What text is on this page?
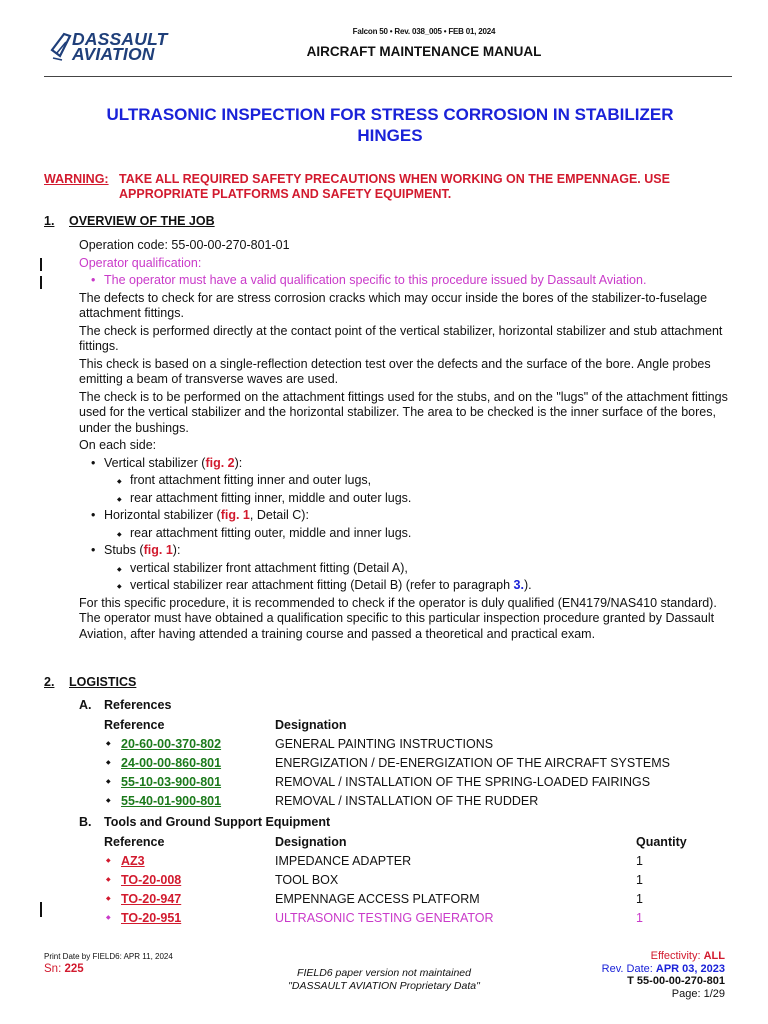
DASSAULT
AVIATION
Falcon 50 • Rev. 038_005 • FEB 01, 2024
AIRCRAFT MAINTENANCE MANUAL
ULTRASONIC INSPECTION FOR STRESS CORROSION IN STABILIZER
HINGES
WARNING: TAKE ALL REQUIRED SAFETY PRECAUTIONS WHEN WORKING ON THE EMPENNAGE. USE APPROPRIATE PLATFORMS AND SAFETY EQUIPMENT.
1. OVERVIEW OF THE JOB
Operation code: 55-00-00-270-801-01
Operator qualification:
• The operator must have a valid qualification specific to this procedure issued by Dassault Aviation.
The defects to check for are stress corrosion cracks which may occur inside the bores of the stabilizer-to-fuselage attachment fittings.
The check is performed directly at the contact point of the vertical stabilizer, horizontal stabilizer and stub attachment fittings.
This check is based on a single-reflection detection test over the defects and the surface of the bore. Angle probes emitting a beam of transverse waves are used.
The check is to be performed on the attachment fittings used for the stubs, and on the "lugs" of the attachment fittings used for the vertical stabilizer and the horizontal stabilizer. The area to be checked is the inner surface of the bores, under the bushings.
On each side:
• Vertical stabilizer (fig. 2):
◆ front attachment fitting inner and outer lugs,
◆ rear attachment fitting inner, middle and outer lugs.
• Horizontal stabilizer (fig. 1, Detail C):
◆ rear attachment fitting outer, middle and inner lugs.
• Stubs (fig. 1):
◆ vertical stabilizer front attachment fitting (Detail A),
◆ vertical stabilizer rear attachment fitting (Detail B) (refer to paragraph 3.).
For this specific procedure, it is recommended to check if the operator is duly qualified (EN4179/NAS410 standard). The operator must have obtained a qualification specific to this particular inspection procedure granted by Dassault Aviation, after having attended a training course and passed a theoretical and practical exam.
2. LOGISTICS
A. References
Reference	Designation
◆ 20-60-00-370-802	GENERAL PAINTING INSTRUCTIONS
◆ 24-00-00-860-801	ENERGIZATION / DE-ENERGIZATION OF THE AIRCRAFT SYSTEMS
◆ 55-10-03-900-801	REMOVAL / INSTALLATION OF THE SPRING-LOADED FAIRINGS
◆ 55-40-01-900-801	REMOVAL / INSTALLATION OF THE RUDDER
B. Tools and Ground Support Equipment
Reference	Designation	Quantity
◆ AZ3	IMPEDANCE ADAPTER	1
◆ TO-20-008	TOOL BOX	1
◆ TO-20-947	EMPENNAGE ACCESS PLATFORM	1
◆ TO-20-951	ULTRASONIC TESTING GENERATOR	1
Print Date by FIELD6: APR 11, 2024
Sn: 225	FIELD6 paper version not maintained
"DASSAULT AVIATION Proprietary Data"
Effectivity: ALL
Rev. Date: APR 03, 2023
T 55-00-00-270-801
Page: 1/29
